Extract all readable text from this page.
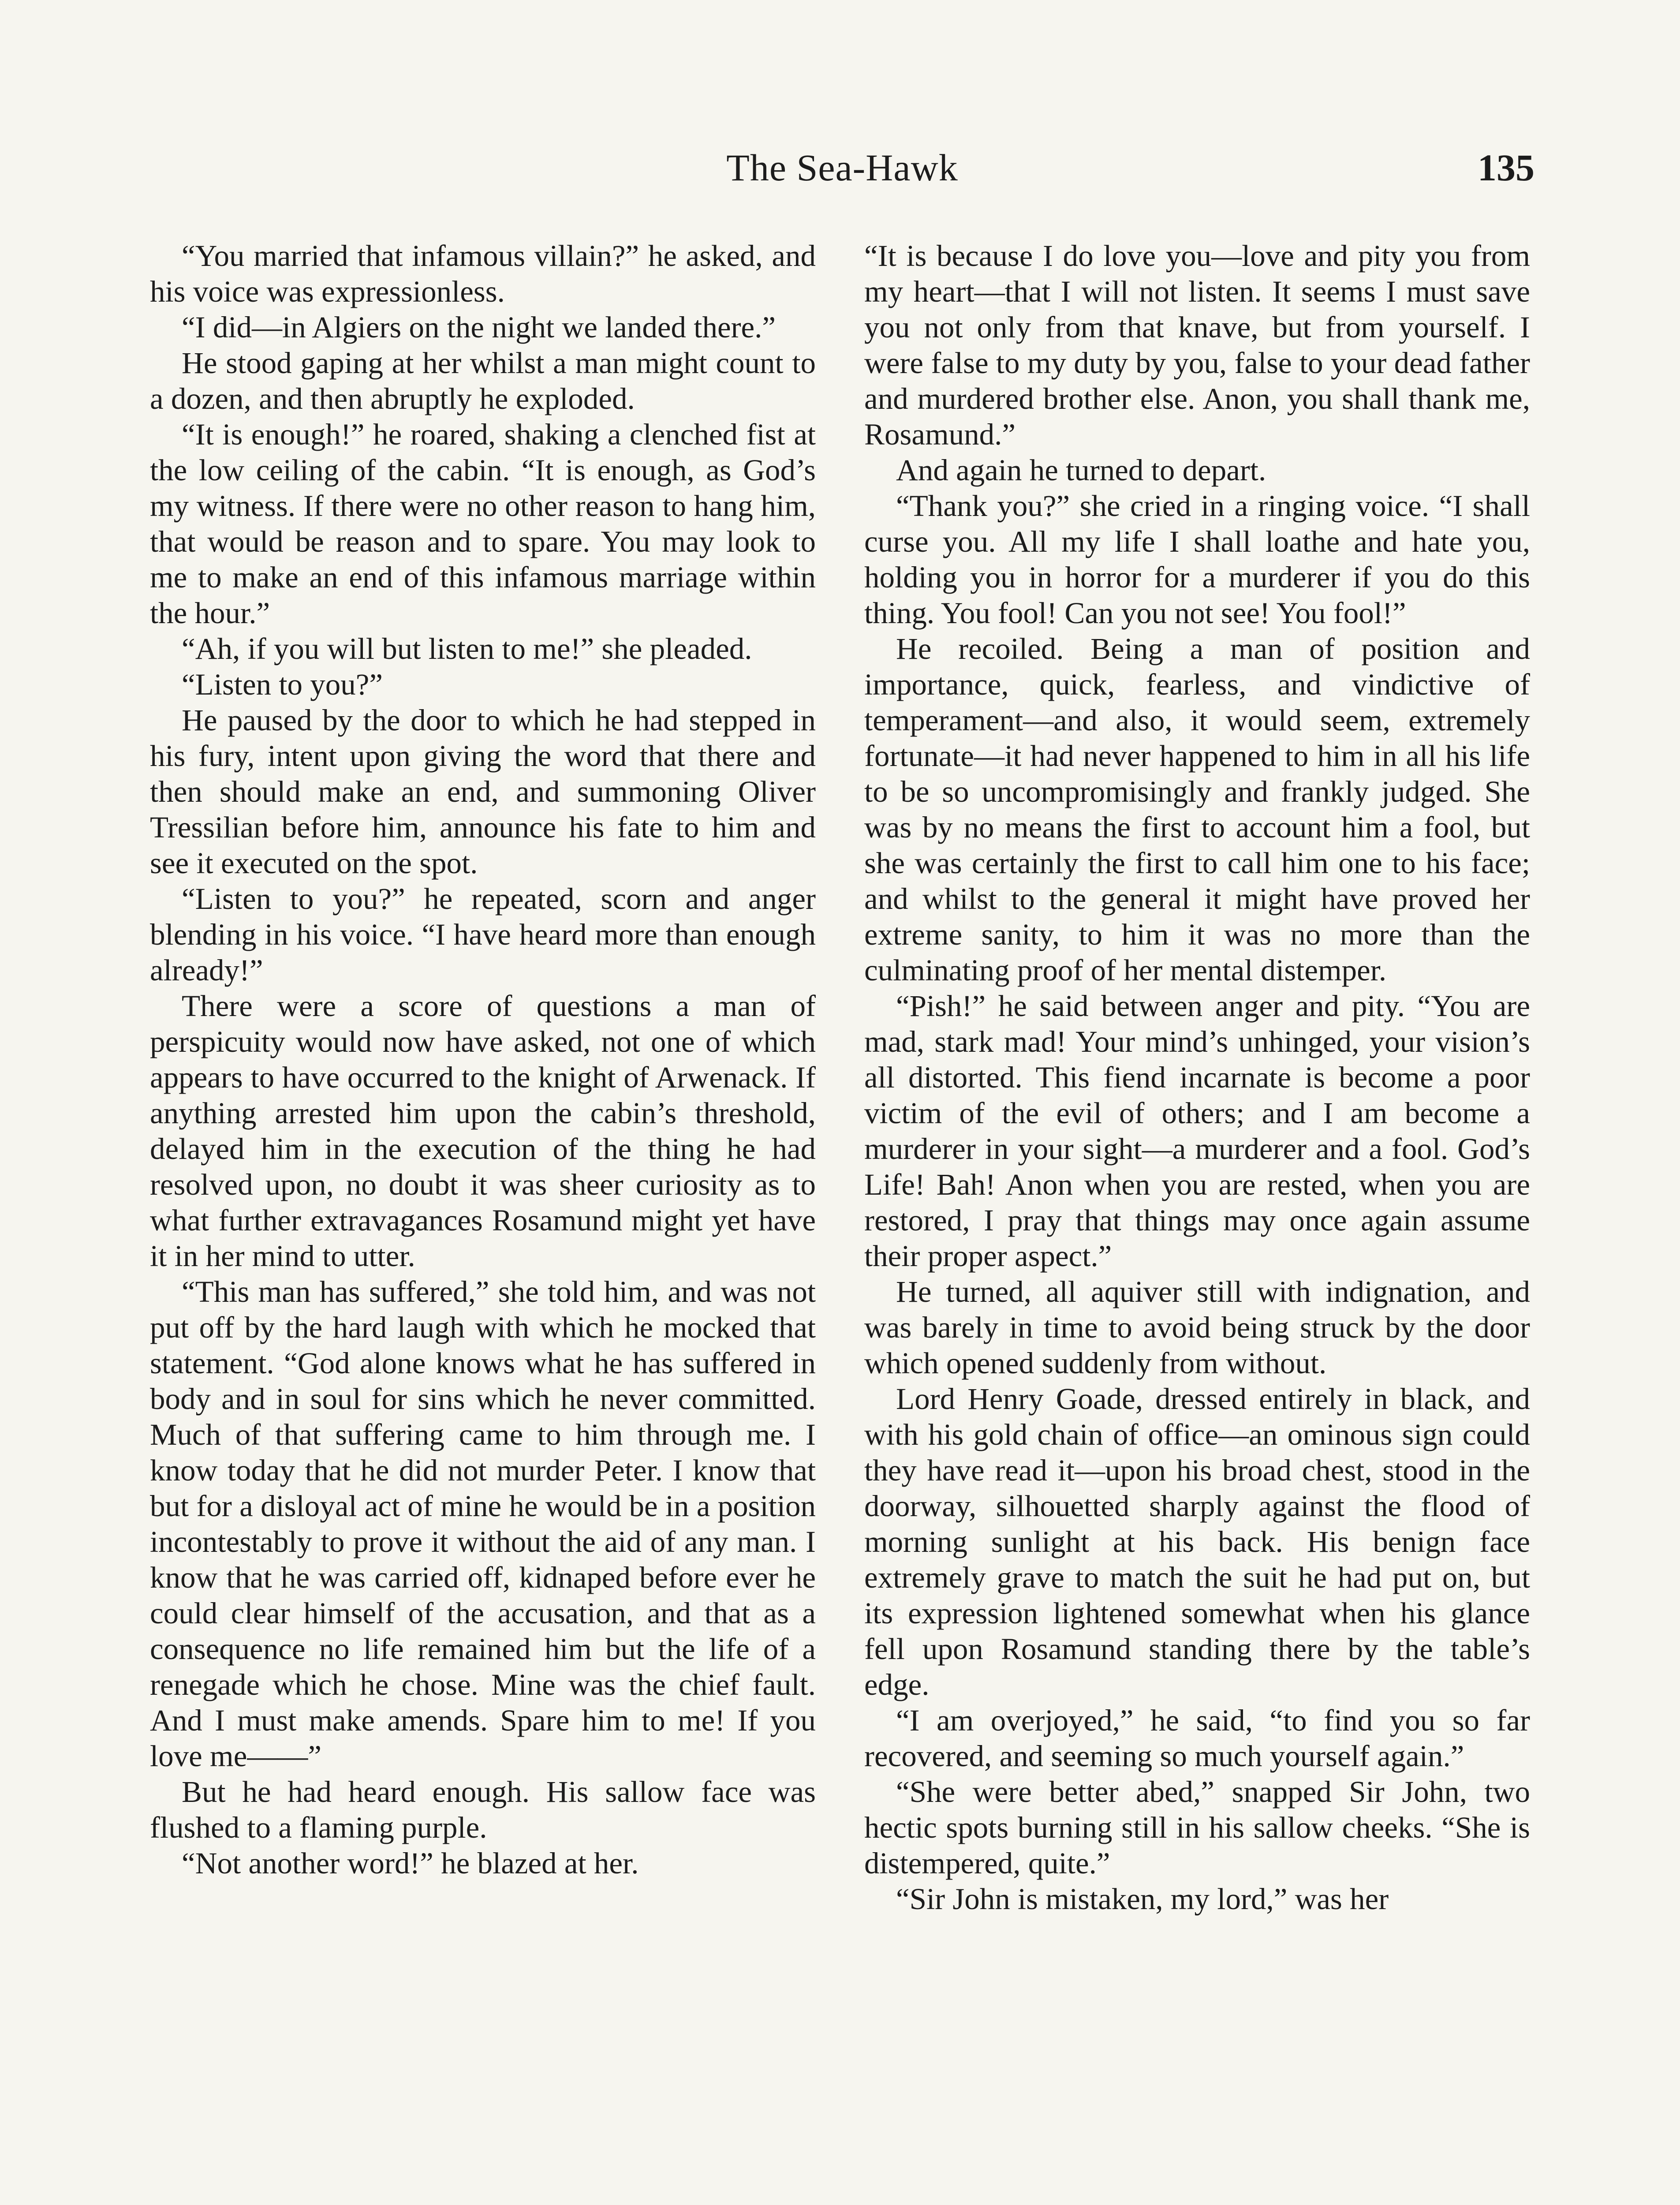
The Sea-Hawk	135

“You married that infamous villain?” he asked, and his voice was expressionless.

“I did—in Algiers on the night we landed there.”

He stood gaping at her whilst a man might count to a dozen, and then abruptly he exploded.

“It is enough!” he roared, shaking a clenched fist at the low ceiling of the cabin. “It is enough, as God’s my witness. If there were no other reason to hang him, that would be reason and to spare. You may look to me to make an end of this infamous marriage within the hour.”

“Ah, if you will but listen to me!” she pleaded.

“Listen to you?”

He paused by the door to which he had stepped in his fury, intent upon giving the word that there and then should make an end, and summoning Oliver Tressilian before him, announce his fate to him and see it executed on the spot.

“Listen to you?” he repeated, scorn and anger blending in his voice. “I have heard more than enough already!”

There were a score of questions a man of perspicuity would now have asked, not one of which appears to have occurred to the knight of Arwenack. If anything arrested him upon the cabin’s threshold, delayed him in the execution of the thing he had resolved upon, no doubt it was sheer curiosity as to what further extravagances Rosamund might yet have it in her mind to utter.

“This man has suffered,” she told him, and was not put off by the hard laugh with which he mocked that statement. “God alone knows what he has suffered in body and in soul for sins which he never committed. Much of that suffering came to him through me. I know today that he did not murder Peter. I know that but for a disloyal act of mine he would be in a position incontestably to prove it without the aid of any man. I know that he was carried off, kidnaped before ever he could clear himself of the accusation, and that as a consequence no life remained him but the life of a renegade which he chose. Mine was the chief fault. And I must make amends. Spare him to me! If you love me——”

But he had heard enough. His sallow face was flushed to a flaming purple.

“Not another word!” he blazed at her.

“It is because I do love you—love and pity you from my heart—that I will not listen. It seems I must save you not only from that knave, but from yourself. I were false to my duty by you, false to your dead father and murdered brother else. Anon, you shall thank me, Rosamund.”

And again he turned to depart.

“Thank you?” she cried in a ringing voice. “I shall curse you. All my life I shall loathe and hate you, holding you in horror for a murderer if you do this thing. You fool! Can you not see! You fool!”

He recoiled. Being a man of position and importance, quick, fearless, and vindictive of temperament—and also, it would seem, extremely fortunate—it had never happened to him in all his life to be so uncompromisingly and frankly judged. She was by no means the first to account him a fool, but she was certainly the first to call him one to his face; and whilst to the general it might have proved her extreme sanity, to him it was no more than the culminating proof of her mental distemper.

“Pish!” he said between anger and pity. “You are mad, stark mad! Your mind’s unhinged, your vision’s all distorted. This fiend incarnate is become a poor victim of the evil of others; and I am become a murderer in your sight—a murderer and a fool. God’s Life! Bah! Anon when you are rested, when you are restored, I pray that things may once again assume their proper aspect.”

He turned, all aquiver still with indignation, and was barely in time to avoid being struck by the door which opened suddenly from without.

Lord Henry Goade, dressed entirely in black, and with his gold chain of office—an ominous sign could they have read it—upon his broad chest, stood in the doorway, silhouetted sharply against the flood of morning sunlight at his back. His benign face extremely grave to match the suit he had put on, but its expression lightened somewhat when his glance fell upon Rosamund standing there by the table’s edge.

“I am overjoyed,” he said, “to find you so far recovered, and seeming so much yourself again.”

“She were better abed,” snapped Sir John, two hectic spots burning still in his sallow cheeks. “She is distempered, quite.”

“Sir John is mistaken, my lord,” was her
